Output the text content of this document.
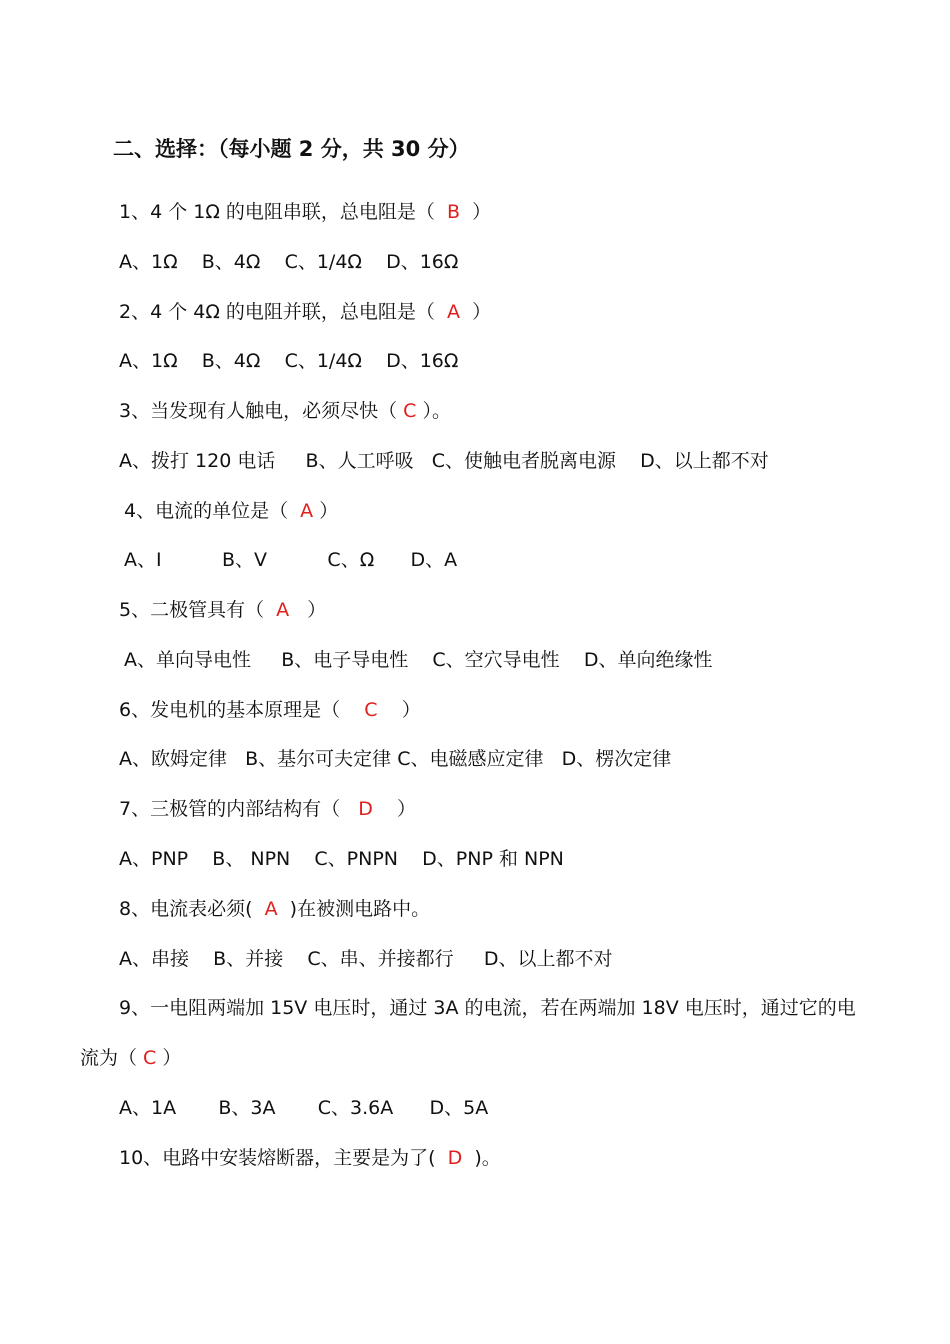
二、选择：（每小题 2 分，共 30 分）
1、4 个 1Ω 的电阻串联，总电阻是（  B  ）
A、1Ω    B、4Ω    C、1/4Ω    D、16Ω
2、4 个 4Ω 的电阻并联，总电阻是（  A  ）
A、1Ω    B、4Ω    C、1/4Ω    D、16Ω
3、当发现有人触电，必须尽快（ C ）。
A、拨打 120 电话     B、人工呼吸   C、使触电者脱离电源    D、以上都不对
4、电流的单位是（  A ）
A、I          B、V          C、Ω      D、A
5、二极管具有（  A   ）
A、单向导电性     B、电子导电性    C、空穴导电性    D、单向绝缘性
6、发电机的基本原理是（    C    ）
A、欧姆定律   B、基尔可夫定律 C、电磁感应定律   D、楞次定律
7、三极管的内部结构有（   D    ）
A、PNP    B、 NPN    C、PNPN    D、PNP 和 NPN
8、电流表必须(  A  )在被测电路中。
A、串接    B、并接    C、串、并接都行     D、以上都不对
9、一电阻两端加 15V 电压时，通过 3A 的电流，若在两端加 18V 电压时，通过它的电
流为（ C ）
A、1A       B、3A       C、3.6A      D、5A
10、电路中安装熔断器，主要是为了(  D  )。
